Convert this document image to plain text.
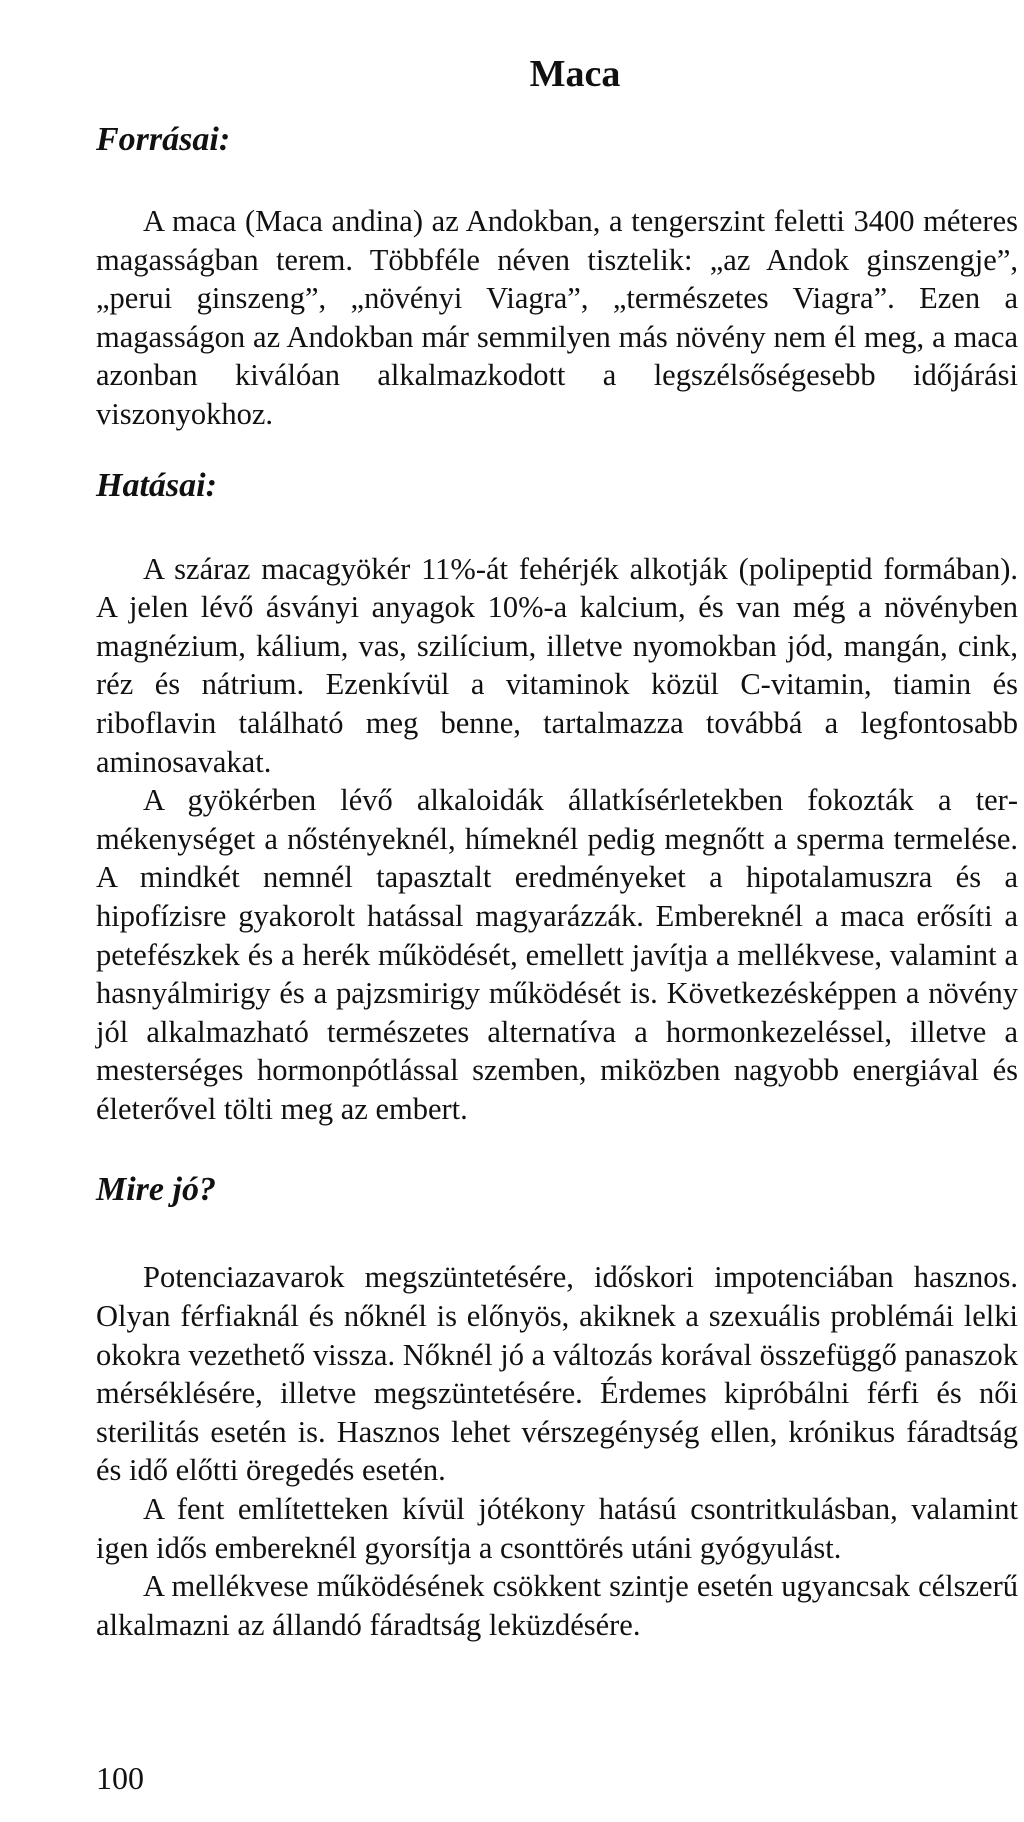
Maca
Forrásai:

A maca (Maca andina) az Andokban, a tengerszint feletti 3400 méteres magasságban terem. Többféle néven tisztelik: „az Andok ginszengje”, „perui ginszeng”, „növényi Viagra”, „természetes Viagra”. Ezen a magasságon az Andokban már semmilyen más növény nem él meg, a maca azonban kiválóan alkalmazkodott a legszélsőségesebb időjárási viszonyokhoz.

Hatásai:

A száraz macagyökér 11%-át fehérjék alkotják (polipeptid formában). A jelen lévő ásványi anyagok 10%-a kalcium, és van még a növényben magnézium, kálium, vas, szilícium, illetve nyomokban jód, mangán, cink, réz és nátrium. Ezenkívül a vitaminok közül C-vitamin, tiamin és riboflavin található meg benne, tartalmazza továbbá a legfontosabb aminosavakat.

A gyökérben lévő alkaloidák állatkísérletekben fokozták a termékenységet a nőstényeknél, hímeknél pedig megnőtt a sperma termelése. A mindkét nemnél tapasztalt eredményeket a hipotalamuszra és a hipofízisre gyakorolt hatással magyarázzák. Embereknél a maca erősíti a petefészkek és a herék működését, emellett javítja a mellékvese, valamint a hasnyálmirigy és a pajzsmirigy működését is. Következésképpen a növény jól alkalmazható természetes alternatíva a hormonkezeléssel, illetve a mesterséges hormonpótlással szemben, miközben nagyobb energiával és életerővel tölti meg az embert.

Mire jó?

Potenciazavarok megszüntetésére, időskori impotenciában hasznos. Olyan férfiaknál és nőknél is előnyös, akiknek a szexuális problémái lelki okokra vezethető vissza. Nőknél jó a változás korával összefüggő panaszok mérséklésére, illetve megszüntetésére. Érdemes kipróbálni férfi és női sterilitás esetén is. Hasznos lehet vérszegénység ellen, krónikus fáradtság és idő előtti öregedés esetén.

A fent említetteken kívül jótékony hatású csontritkulásban, valamint igen idős embereknél gyorsítja a csonttörés utáni gyógyulást.

A mellékvese működésének csökkent szintje esetén ugyancsak célszerű alkalmazni az állandó fáradtság leküzdésére.

100
